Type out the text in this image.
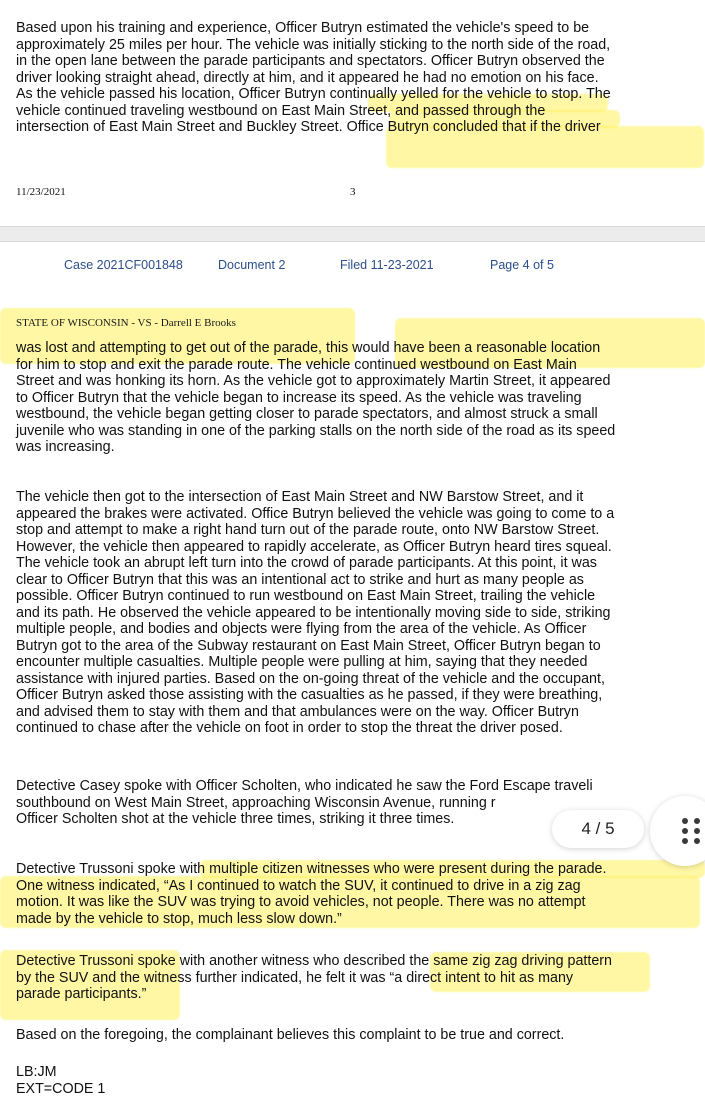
Based upon his training and experience, Officer Butryn estimated the vehicle's speed to be
approximately 25 miles per hour. The vehicle was initially sticking to the north side of the road,
in the open lane between the parade participants and spectators. Officer Butryn observed the
driver looking straight ahead, directly at him, and it appeared he had no emotion on his face.
As the vehicle passed his location, Officer Butryn continually yelled for the vehicle to stop. The
vehicle continued traveling westbound on East Main Street, and passed through the
intersection of East Main Street and Buckley Street. Office Butryn concluded that if the driver
11/23/2021	3
Case 2021CF001848	Document 2	Filed 11-23-2021	Page 4 of 5
STATE OF WISCONSIN - VS - Darrell E Brooks
was lost and attempting to get out of the parade, this would have been a reasonable location
for him to stop and exit the parade route. The vehicle continued westbound on East Main
Street and was honking its horn. As the vehicle got to approximately Martin Street, it appeared
to Officer Butryn that the vehicle began to increase its speed. As the vehicle was traveling
westbound, the vehicle began getting closer to parade spectators, and almost struck a small
juvenile who was standing in one of the parking stalls on the north side of the road as its speed
was increasing.
The vehicle then got to the intersection of East Main Street and NW Barstow Street, and it
appeared the brakes were activated. Office Butryn believed the vehicle was going to come to a
stop and attempt to make a right hand turn out of the parade route, onto NW Barstow Street.
However, the vehicle then appeared to rapidly accelerate, as Officer Butryn heard tires squeal.
The vehicle took an abrupt left turn into the crowd of parade participants. At this point, it was
clear to Officer Butryn that this was an intentional act to strike and hurt as many people as
possible. Officer Butryn continued to run westbound on East Main Street, trailing the vehicle
and its path. He observed the vehicle appeared to be intentionally moving side to side, striking
multiple people, and bodies and objects were flying from the area of the vehicle. As Officer
Butryn got to the area of the Subway restaurant on East Main Street, Officer Butryn began to
encounter multiple casualties. Multiple people were pulling at him, saying that they needed
assistance with injured parties. Based on the on-going threat of the vehicle and the occupant,
Officer Butryn asked those assisting with the casualties as he passed, if they were breathing,
and advised them to stay with them and that ambulances were on the way. Officer Butryn
continued to chase after the vehicle on foot in order to stop the threat the driver posed.
Detective Casey spoke with Officer Scholten, who indicated he saw the Ford Escape traveli
southbound on West Main Street, approaching Wisconsin Avenue, running r
Officer Scholten shot at the vehicle three times, striking it three times.
Detective Trussoni spoke with multiple citizen witnesses who were present during the parade.
One witness indicated, “As I continued to watch the SUV, it continued to drive in a zig zag
motion. It was like the SUV was trying to avoid vehicles, not people. There was no attempt
made by the vehicle to stop, much less slow down.”
Detective Trussoni spoke with another witness who described the same zig zag driving pattern
by the SUV and the witness further indicated, he felt it was “a direct intent to hit as many
parade participants.”
Based on the foregoing, the complainant believes this complaint to be true and correct.
LB:JM
EXT=CODE 1
4 / 5
